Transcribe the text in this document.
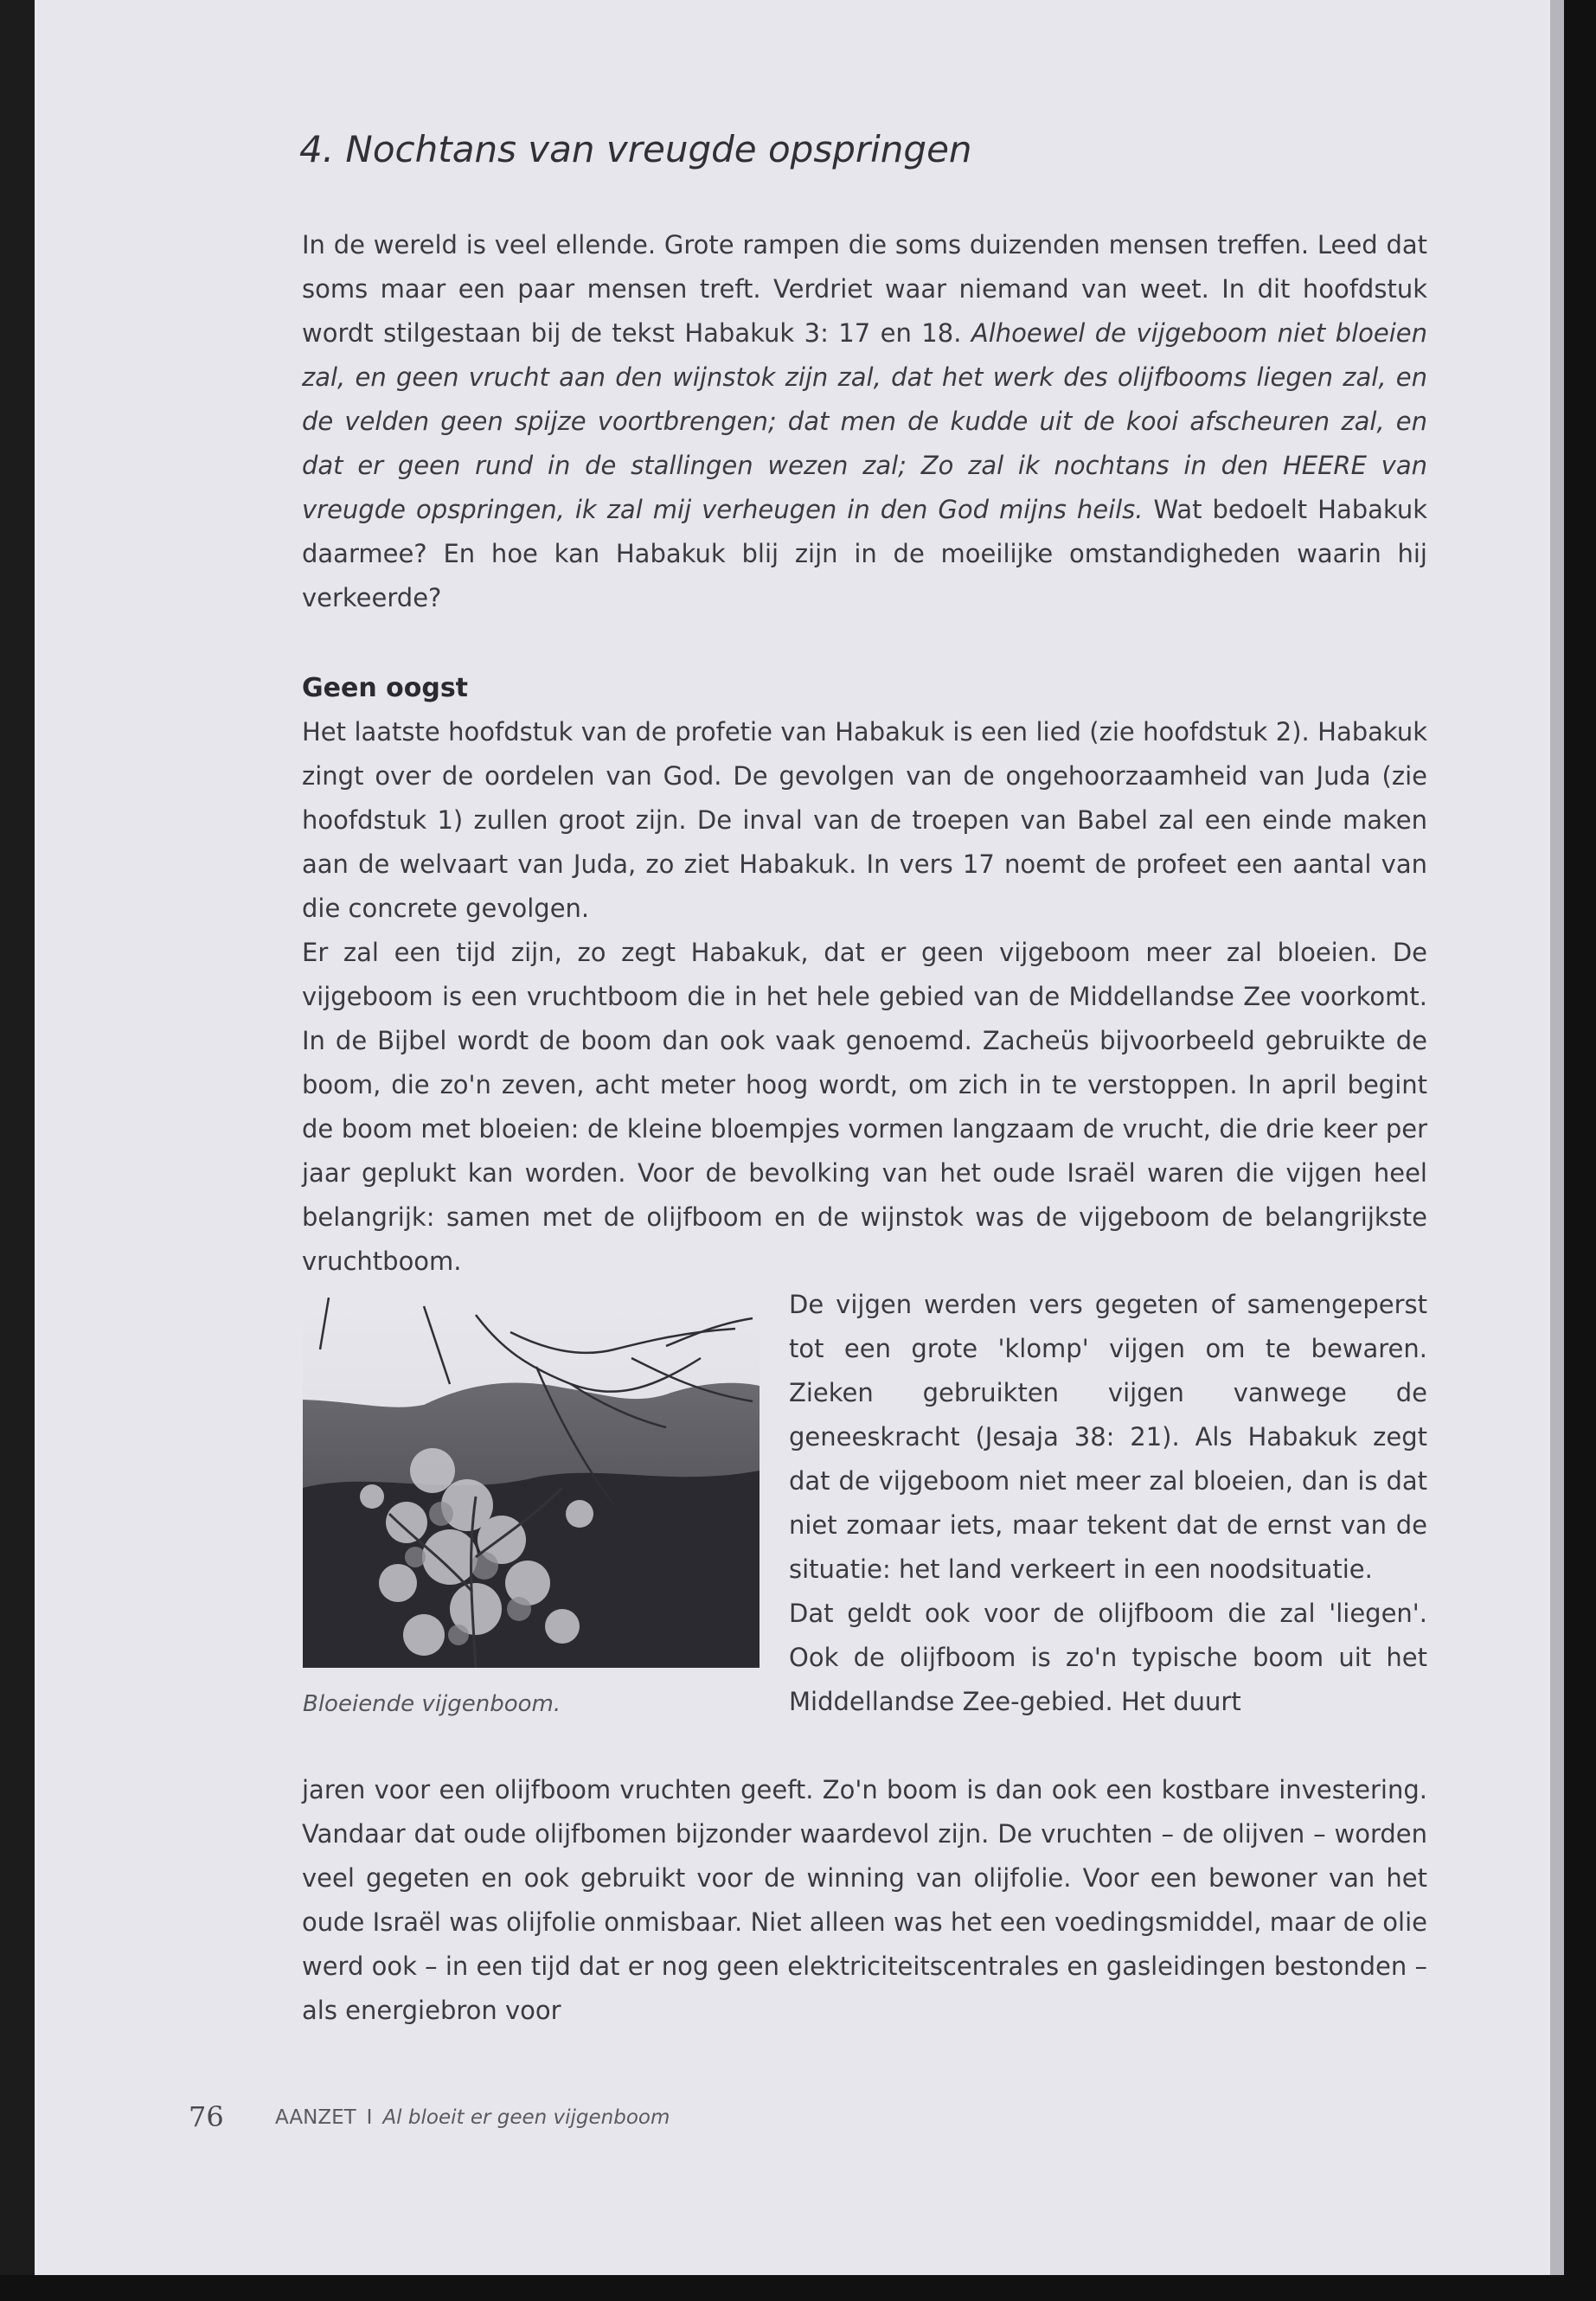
4. Nochtans van vreugde opspringen
In de wereld is veel ellende. Grote rampen die soms duizenden mensen treffen. Leed dat soms maar een paar mensen treft. Verdriet waar niemand van weet. In dit hoofdstuk wordt stilgestaan bij de tekst Habakuk 3: 17 en 18. Alhoewel de vijgeboom niet bloeien zal, en geen vrucht aan den wijnstok zijn zal, dat het werk des olijfbooms liegen zal, en de velden geen spijze voortbrengen; dat men de kudde uit de kooi afscheuren zal, en dat er geen rund in de stallingen wezen zal; Zo zal ik nochtans in den HEERE van vreugde opspringen, ik zal mij verheugen in den God mijns heils. Wat bedoelt Habakuk daarmee? En hoe kan Habakuk blij zijn in de moeilijke omstandigheden waarin hij verkeerde?
Geen oogst

Het laatste hoofdstuk van de profetie van Habakuk is een lied (zie hoofdstuk 2). Habakuk zingt over de oordelen van God. De gevolgen van de ongehoorzaamheid van Juda (zie hoofdstuk 1) zullen groot zijn. De inval van de troepen van Babel zal een einde maken aan de welvaart van Juda, zo ziet Habakuk. In vers 17 noemt de profeet een aantal van die concrete gevolgen.

Er zal een tijd zijn, zo zegt Habakuk, dat er geen vijgeboom meer zal bloeien. De vijgeboom is een vruchtboom die in het hele gebied van de Middellandse Zee voorkomt. In de Bijbel wordt de boom dan ook vaak genoemd. Zacheüs bijvoorbeeld gebruikte de boom, die zo'n zeven, acht meter hoog wordt, om zich in te verstoppen. In april begint de boom met bloeien: de kleine bloempjes vormen langzaam de vrucht, die drie keer per jaar geplukt kan worden. Voor de bevolking van het oude Israël waren die vijgen heel belangrijk: samen met de olijfboom en de wijnstok was de vijgeboom de belangrijkste vruchtboom.

Bloeiende vijgenboom.

De vijgen werden vers gegeten of samengeperst tot een grote 'klomp' vijgen om te bewaren. Zieken gebruikten vijgen vanwege de geneeskracht (Jesaja 38: 21). Als Habakuk zegt dat de vijgeboom niet meer zal bloeien, dan is dat niet zomaar iets, maar tekent dat de ernst van de situatie: het land verkeert in een noodsituatie.

Dat geldt ook voor de olijfboom die zal 'liegen'. Ook de olijfboom is zo'n typische boom uit het Middellandse Zee-gebied. Het duurt

jaren voor een olijfboom vruchten geeft. Zo'n boom is dan ook een kostbare investering. Vandaar dat oude olijfbomen bijzonder waardevol zijn. De vruchten – de olijven – worden veel gegeten en ook gebruikt voor de winning van olijfolie. Voor een bewoner van het oude Israël was olijfolie onmisbaar. Niet alleen was het een voedingsmiddel, maar de olie werd ook – in een tijd dat er nog geen elektriciteitscentrales en gasleidingen bestonden – als energiebron voor

76	AANZET I Al bloeit er geen vijgenboom
